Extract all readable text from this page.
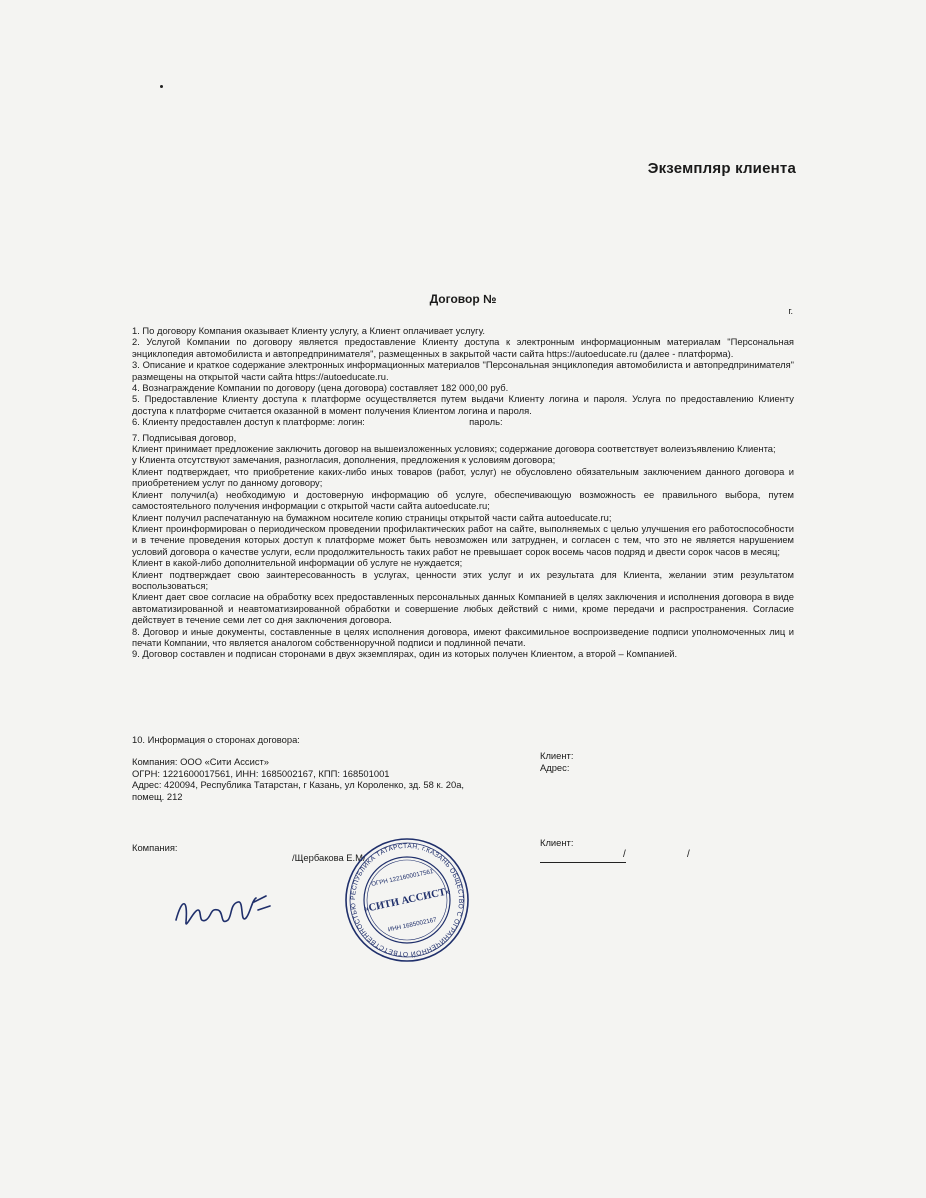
Экземпляр клиента
Договор №
г.

1. По договору Компания оказывает Клиенту услугу, а Клиент оплачивает услугу.

2. Услугой Компании по договору является предоставление Клиенту доступа к электронным информационным материалам "Персональная энциклопедия автомобилиста и автопредпринимателя", размещенных в закрытой части сайта https://autoeducate.ru (далее - платформа).

3. Описание и краткое содержание электронных информационных материалов "Персональная энциклопедия автомобилиста и автопредпринимателя" размещены на открытой части сайта https://autoeducate.ru.

4. Вознаграждение Компании по договору (цена договора) составляет 182 000,00 руб.

5. Предоставление Клиенту доступа к платформе осуществляется путем выдачи Клиенту логина и пароля. Услуга по предоставлению Клиенту доступа к платформе считается оказанной в момент получения Клиентом логина и пароля.

6. Клиенту предоставлен доступ к платформе: логин:                                        пароль:

7. Подписывая договор,

Клиент принимает предложение заключить договор на вышеизложенных условиях; содержание договора соответствует волеизъявлению Клиента;

у Клиента отсутствуют замечания, разногласия, дополнения, предложения к условиям договора;

Клиент подтверждает, что приобретение каких-либо иных товаров (работ, услуг) не обусловлено обязательным заключением данного договора и приобретением услуг по данному договору;

Клиент получил(а) необходимую и достоверную информацию об услуге, обеспечивающую возможность ее правильного выбора, путем самостоятельного получения информации с открытой части сайта autoeducate.ru;

Клиент получил распечатанную на бумажном носителе копию страницы открытой части сайта autoeducate.ru;

Клиент проинформирован о периодическом проведении профилактических работ на сайте, выполняемых с целью улучшения его работоспособности и в течение проведения которых доступ к платформе может быть невозможен или затруднен, и согласен с тем, что это не является нарушением условий договора о качестве услуги, если продолжительность таких работ не превышает сорок восемь часов подряд и двести сорок часов в месяц;

Клиент в какой-либо дополнительной информации об услуге не нуждается;

Клиент подтверждает свою заинтересованность в услугах, ценности этих услуг и их результата для Клиента, желании этим результатом воспользоваться;

Клиент дает свое согласие на обработку всех предоставленных персональных данных Компанией в целях заключения и исполнения договора в виде автоматизированной и неавтоматизированной обработки и совершение любых действий с ними, кроме передачи и распространения. Согласие действует в течение семи лет со дня заключения договора.

8. Договор и иные документы, составленные в целях исполнения договора, имеют факсимильное воспроизведение подписи уполномоченных лиц и печати Компании, что является аналогом собственноручной подписи и подлинной печати.

9. Договор составлен и подписан сторонами в двух экземплярах, один из которых получен Клиентом, а второй – Компанией.

10. Информация о сторонах договора:
Компания: ООО «Сити Ассист»
ОГРН: 1221600017561, ИНН: 1685002167, КПП: 168501001
Адрес: 420094, Республика Татарстан, г Казань, ул Короленко, зд. 58 к. 20а,
помещ. 212
Клиент:
Адрес:
Компания:
/Щербакова Е.М/
Клиент:
/	/
РЕСПУБЛИКА ТАТАРСТАН, г.КАЗАНЬ ОБЩЕСТВО С ОГРАНИЧЕННОЙ ОТВЕТСТВЕННОСТЬЮ
ОГРН 1221600017561
«СИТИ АССИСТ»
ИНН 1685002167
